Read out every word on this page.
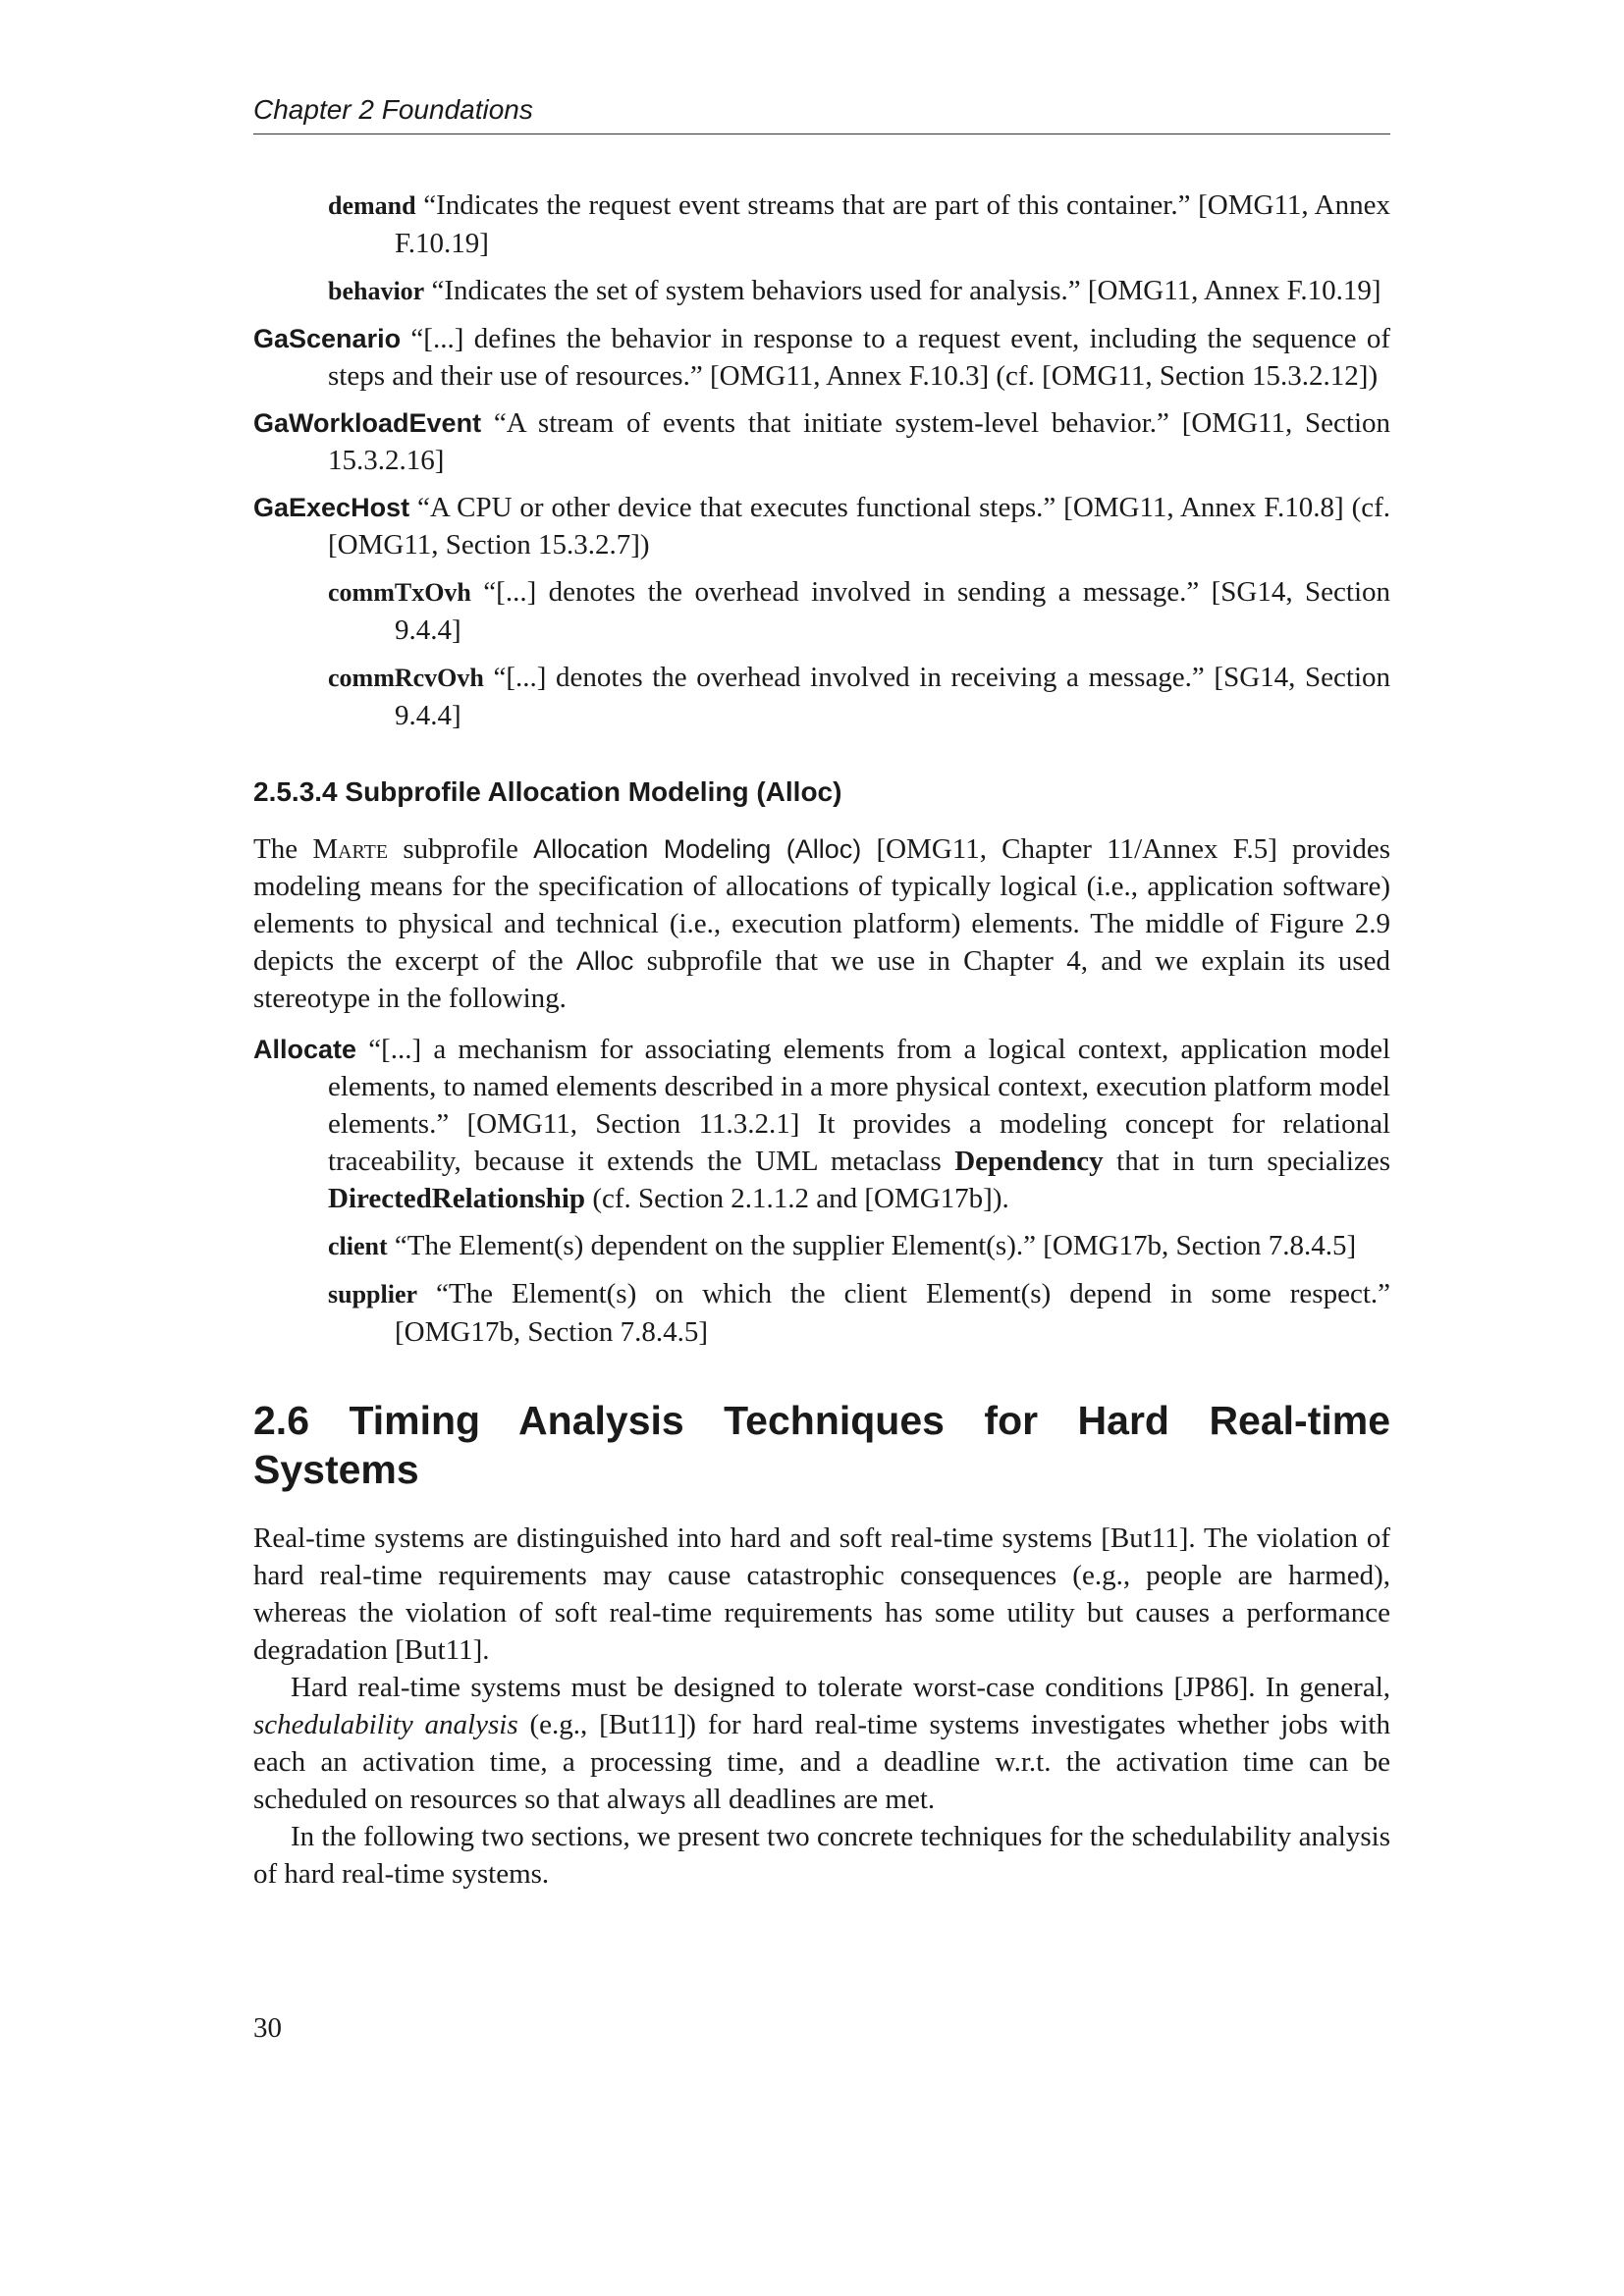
Chapter 2 Foundations
demand “Indicates the request event streams that are part of this container.” [OMG11, Annex F.10.19]
behavior “Indicates the set of system behaviors used for analysis.” [OMG11, Annex F.10.19]
GaScenario “[...] defines the behavior in response to a request event, including the sequence of steps and their use of resources.” [OMG11, Annex F.10.3] (cf. [OMG11, Section 15.3.2.12])
GaWorkloadEvent “A stream of events that initiate system-level behavior.” [OMG11, Section 15.3.2.16]
GaExecHost “A CPU or other device that executes functional steps.” [OMG11, Annex F.10.8] (cf. [OMG11, Section 15.3.2.7])
commTxOvh “[...] denotes the overhead involved in sending a message.” [SG14, Section 9.4.4]
commRcvOvh “[...] denotes the overhead involved in receiving a message.” [SG14, Section 9.4.4]
2.5.3.4 Subprofile Allocation Modeling (Alloc)

The Marte subprofile Allocation Modeling (Alloc) [OMG11, Chapter 11/Annex F.5] provides modeling means for the specification of allocations of typically logical (i.e., application software) elements to physical and technical (i.e., execution platform) elements. The middle of Figure 2.9 depicts the excerpt of the Alloc subprofile that we use in Chapter 4, and we explain its used stereotype in the following.

Allocate “[...] a mechanism for associating elements from a logical context, application model elements, to named elements described in a more physical context, execution platform model elements.” [OMG11, Section 11.3.2.1] It provides a modeling concept for relational traceability, because it extends the UML metaclass Dependency that in turn specializes DirectedRelationship (cf. Section 2.1.1.2 and [OMG17b]).
client “The Element(s) dependent on the supplier Element(s).” [OMG17b, Section 7.8.4.5]
supplier “The Element(s) on which the client Element(s) depend in some respect.” [OMG17b, Section 7.8.4.5]
2.6 Timing Analysis Techniques for Hard Real-time Systems

Real-time systems are distinguished into hard and soft real-time systems [But11]. The violation of hard real-time requirements may cause catastrophic consequences (e.g., people are harmed), whereas the violation of soft real-time requirements has some utility but causes a performance degradation [But11].

Hard real-time systems must be designed to tolerate worst-case conditions [JP86]. In general, schedulability analysis (e.g., [But11]) for hard real-time systems investigates whether jobs with each an activation time, a processing time, and a deadline w.r.t. the activation time can be scheduled on resources so that always all deadlines are met.

In the following two sections, we present two concrete techniques for the schedulability analysis of hard real-time systems.

30
